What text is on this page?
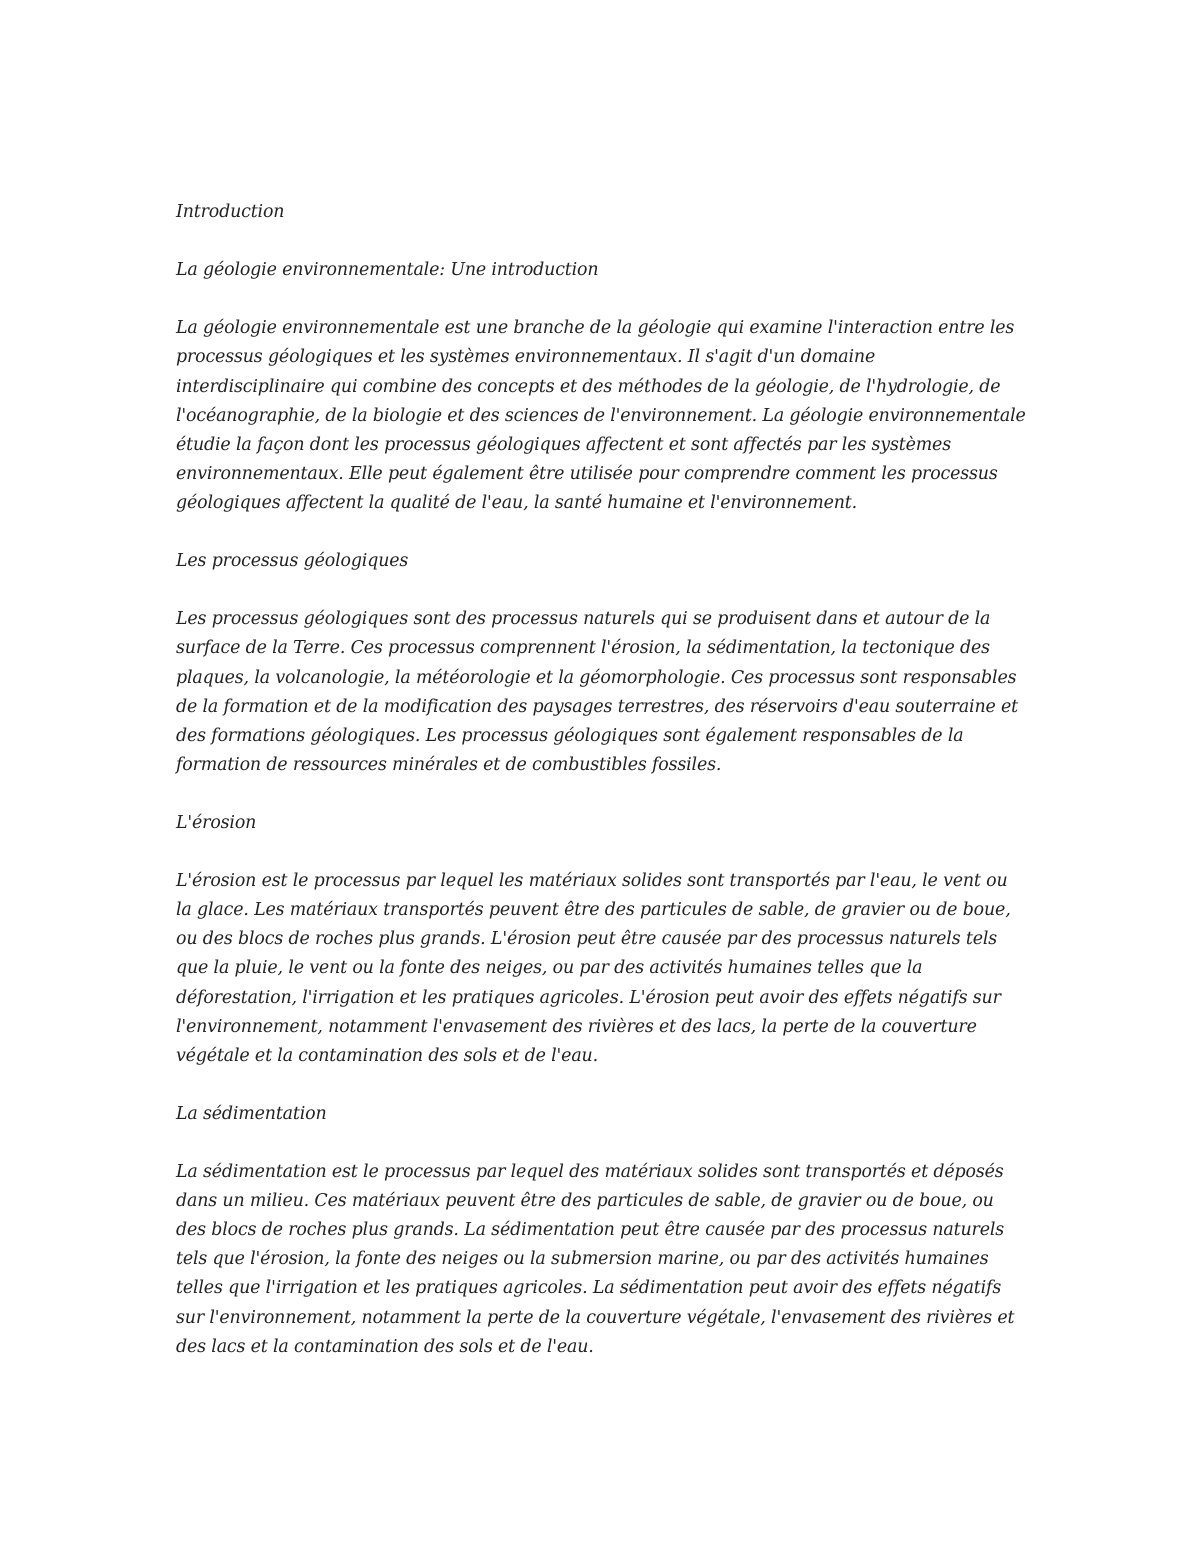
Introduction

La géologie environnementale: Une introduction

La géologie environnementale est une branche de la géologie qui examine l'interaction entre les processus géologiques et les systèmes environnementaux. Il s'agit d'un domaine interdisciplinaire qui combine des concepts et des méthodes de la géologie, de l'hydrologie, de l'océanographie, de la biologie et des sciences de l'environnement. La géologie environnementale étudie la façon dont les processus géologiques affectent et sont affectés par les systèmes environnementaux. Elle peut également être utilisée pour comprendre comment les processus géologiques affectent la qualité de l'eau, la santé humaine et l'environnement.

Les processus géologiques

Les processus géologiques sont des processus naturels qui se produisent dans et autour de la surface de la Terre. Ces processus comprennent l'érosion, la sédimentation, la tectonique des plaques, la volcanologie, la météorologie et la géomorphologie. Ces processus sont responsables de la formation et de la modification des paysages terrestres, des réservoirs d'eau souterraine et des formations géologiques. Les processus géologiques sont également responsables de la formation de ressources minérales et de combustibles fossiles.

L'érosion

L'érosion est le processus par lequel les matériaux solides sont transportés par l'eau, le vent ou la glace. Les matériaux transportés peuvent être des particules de sable, de gravier ou de boue, ou des blocs de roches plus grands. L'érosion peut être causée par des processus naturels tels que la pluie, le vent ou la fonte des neiges, ou par des activités humaines telles que la déforestation, l'irrigation et les pratiques agricoles. L'érosion peut avoir des effets négatifs sur l'environnement, notamment l'envasement des rivières et des lacs, la perte de la couverture végétale et la contamination des sols et de l'eau.

La sédimentation

La sédimentation est le processus par lequel des matériaux solides sont transportés et déposés dans un milieu. Ces matériaux peuvent être des particules de sable, de gravier ou de boue, ou des blocs de roches plus grands. La sédimentation peut être causée par des processus naturels tels que l'érosion, la fonte des neiges ou la submersion marine, ou par des activités humaines telles que l'irrigation et les pratiques agricoles. La sédimentation peut avoir des effets négatifs sur l'environnement, notamment la perte de la couverture végétale, l'envasement des rivières et des lacs et la contamination des sols et de l'eau.
